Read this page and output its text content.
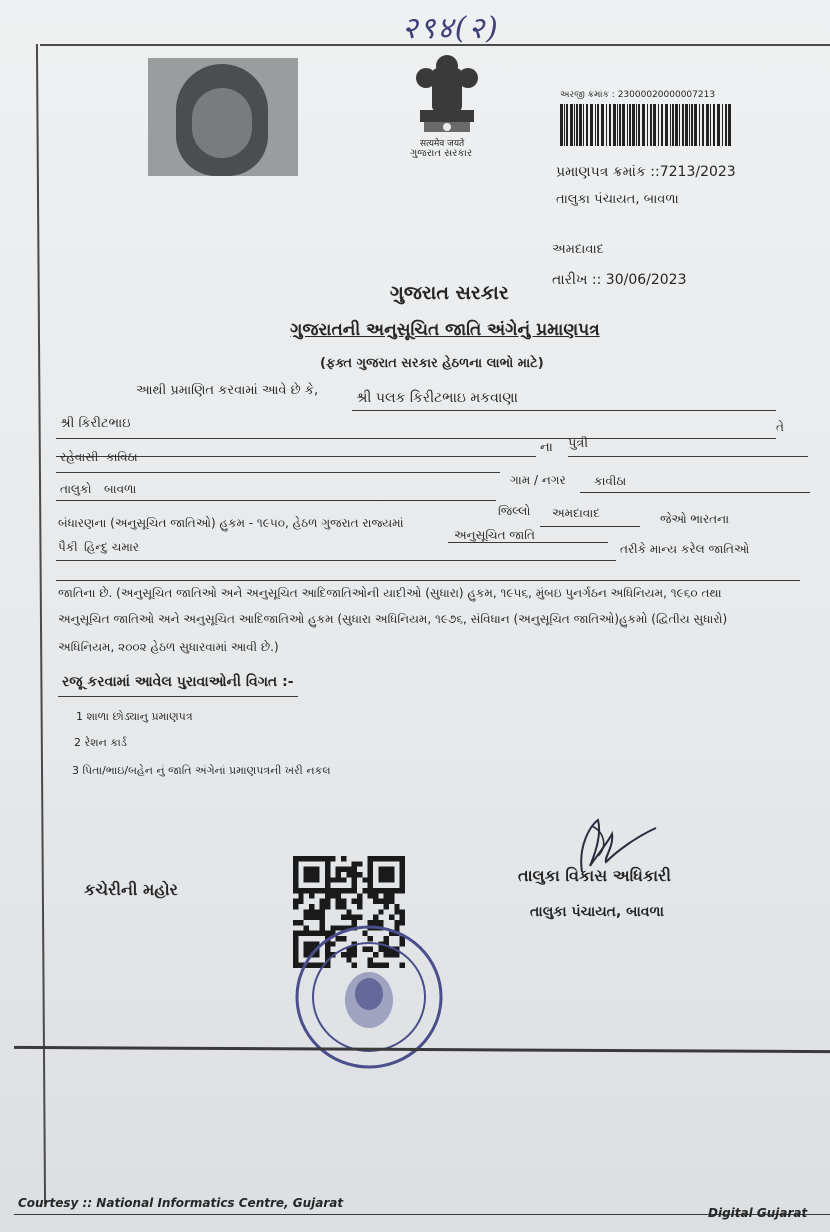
२९४(२)
सत्यमेव जयते
ગુજરાત સરકાર
અરજી ક્રમાંક : 23000020000007213
પ્રમાણપત્ર ક્રમાંક ::7213/2023
તાલુકા પંચાયત, બાવળા
અમદાવાદ
તારીખ :: 30/06/2023
ગુજરાત સરકાર
ગુજરાતની અનુસૂચિત જાતિ અંગેનું પ્રમાણપત્ર
(ફક્ત ગુજરાત સરકાર હેઠળના લાભો માટે)
આથી પ્રમાણિત કરવામાં આવે છે કે,	શ્રી પલક કિરીટભાઇ મકવાણા
શ્રી કિરીટભાઇ	તે
ના પુત્રી
રહેવાસી કાવિઠા
ગામ / નગર કાવીઠા
તાલુકો બાવળા
જિલ્લો અમદાવાદ	જેઓ ભારતના
બંધારણના (અનુસૂચિત જાતિઓ) હુકમ - ૧૯૫૦, હેઠળ ગુજરાત રાજ્યમાં
અનુસૂચિત જાતિ
તરીકે માન્ય કરેલ જાતિઓ
પૈકી હિન્દુ ચમાર
જાતિના છે. (અનુસૂચિત જાતિઓ અને અનુસૂચિત આદિજાતિઓની યાદીઓ (સુધારા) હુકમ, ૧૯૫૬, મુંબઇ પુનર્ગઠન અધિનિયમ, ૧૯૬૦ તથા
અનુસૂચિત જાતિઓ અને અનુસૂચિત આદિજાતિઓ હુકમ (સુધારા અધિનિયમ, ૧૯૭૬, સંવિધાન (અનુસૂચિત જાતિઓ)હુકમો (દ્વિતીય સુધારો)
અધિનિયમ, ૨૦૦૨ હેઠળ સુધારવામાં આવી છે.)
રજૂ કરવામાં આવેલ પુરાવાઓની વિગત :-
1 શાળા છોડ્યાનુ પ્રમાણપત્ર
2 રેશન કાર્ડ
3 પિતા/ભાઇ/બહેન નું જાતિ અંગેનાં પ્રમાણપત્રની ખરી નકલ
કચેરીની મહોર
તાલુકા વિકાસ અધિકારી
તાલુકા પંચાયત, બાવળા
Courtesy :: National Informatics Centre, Gujarat
Digital Gujarat
